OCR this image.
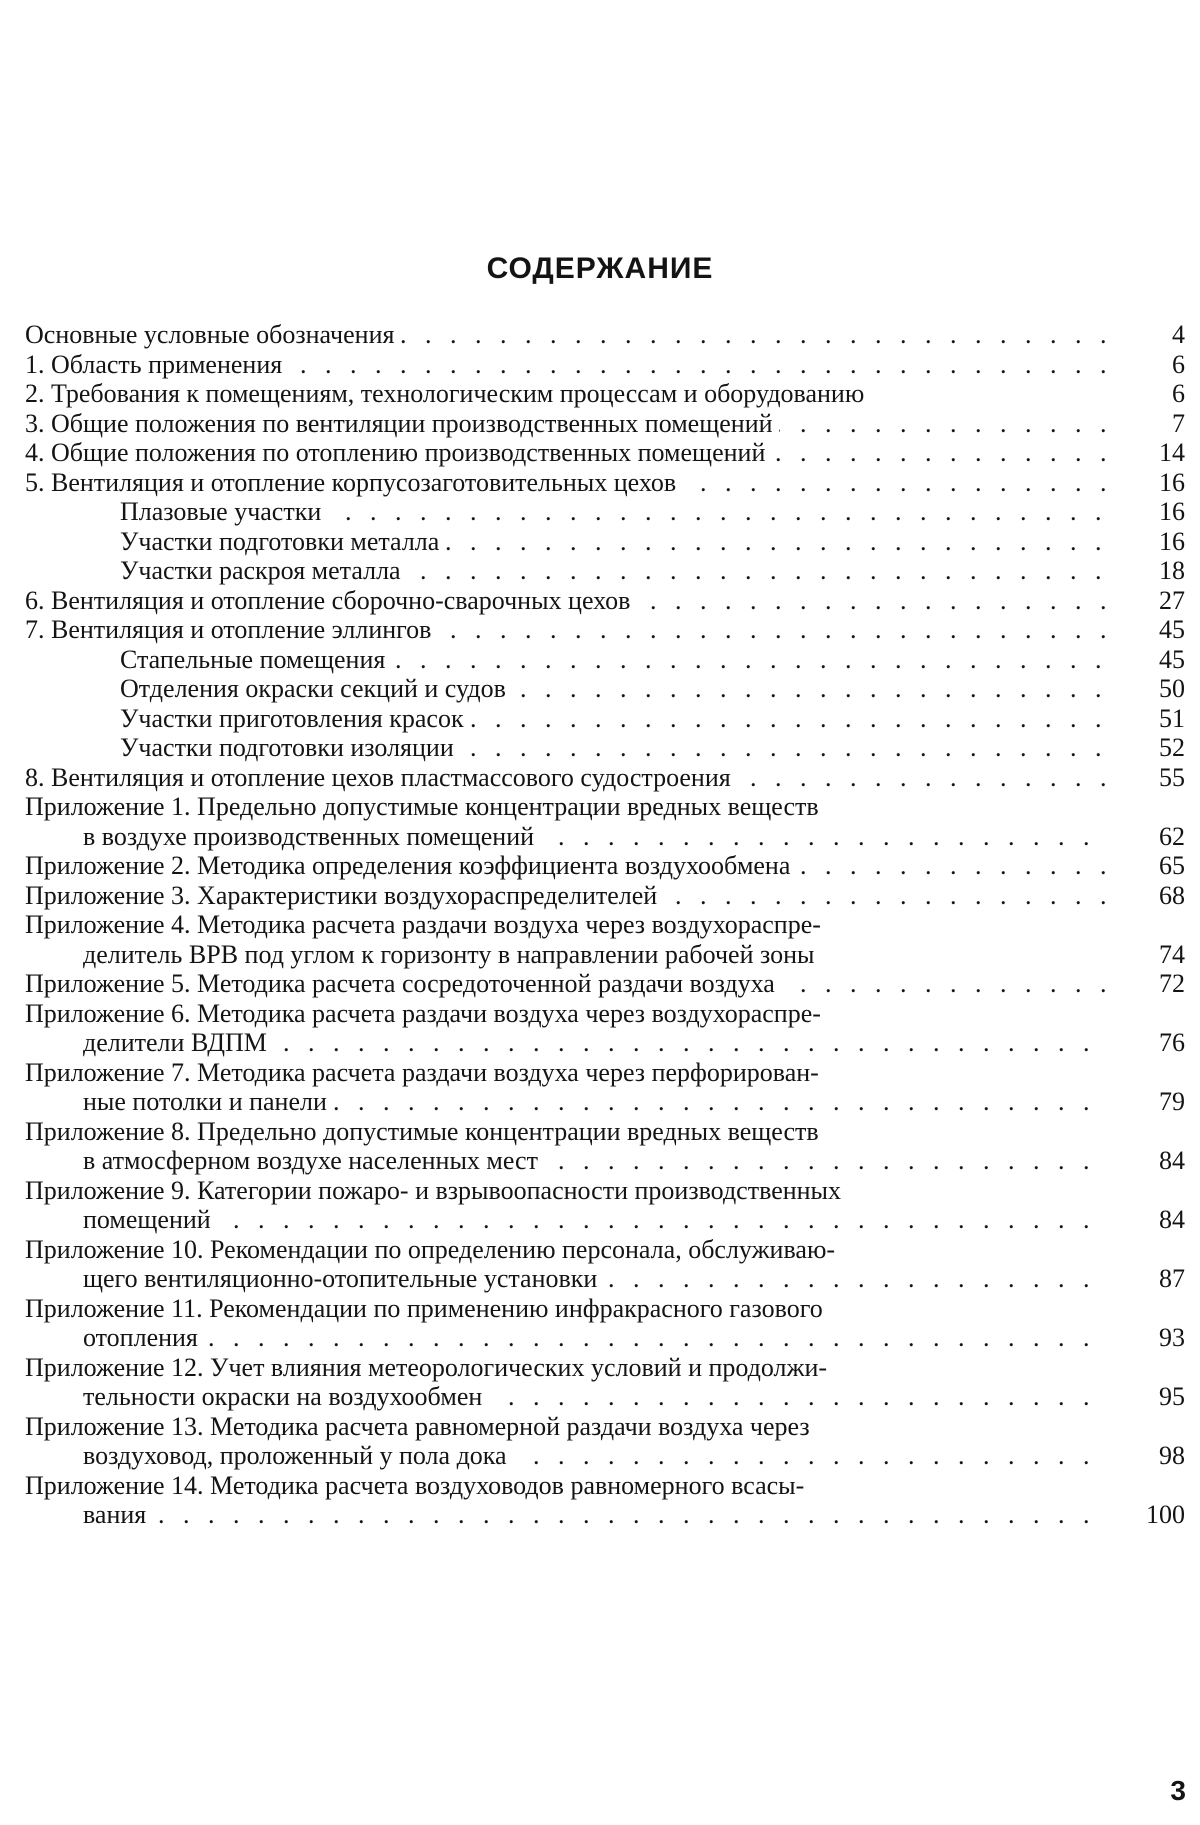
СОДЕРЖАНИЕ
Основные условные обозначения . . .	4
1. Область применения . . .	6
2. Требования к помещениям, технологическим процессам и оборудованию	6
3. Общие положения по вентиляции производственных помещений . . .	7
4. Общие положения по отоплению производственных помещений . . .	14
5. Вентиляция и отопление корпусозаготовительных цехов . . .	16
Плазовые участки . . .	16
Участки подготовки металла . . .	16
Участки раскроя металла . . .	18
6. Вентиляция и отопление сборочно-сварочных цехов . . .	27
7. Вентиляция и отопление эллингов . . .	45
Стапельные помещения . . .	45
Отделения окраски секций и судов . . .	50
Участки приготовления красок . . .	51
Участки подготовки изоляции . . .	52
8. Вентиляция и отопление цехов пластмассового судостроения . . .	55
Приложение 1. Предельно допустимые концентрации вредных веществ
в воздухе производственных помещений . . .	62
Приложение 2. Методика определения коэффициента воздухообмена . . .	65
Приложение 3. Характеристики воздухораспределителей . . .	68
Приложение 4. Методика расчета раздачи воздуха через воздухораспре-
делитель ВРВ под углом к горизонту в направлении рабочей зоны	74
Приложение 5. Методика расчета сосредоточенной раздачи воздуха . . .	72
Приложение 6. Методика расчета раздачи воздуха через воздухораспре-
делители ВДПМ . . .	76
Приложение 7. Методика расчета раздачи воздуха через перфорирован-
ные потолки и панели . . .	79
Приложение 8. Предельно допустимые концентрации вредных веществ
в атмосферном воздухе населенных мест . . .	84
Приложение 9. Категории пожаро- и взрывоопасности производственных
помещений . . .	84
Приложение 10. Рекомендации по определению персонала, обслуживаю-
щего вентиляционно-отопительные установки . . .	87
Приложение 11. Рекомендации по применению инфракрасного газового
отопления . . .	93
Приложение 12. Учет влияния метеорологических условий и продолжи-
тельности окраски на воздухообмен . . .	95
Приложение 13. Методика расчета равномерной раздачи воздуха через
воздуховод, проложенный у пола дока . . .	98
Приложение 14. Методика расчета воздуховодов равномерного всасы-
вания . . .	100
3
